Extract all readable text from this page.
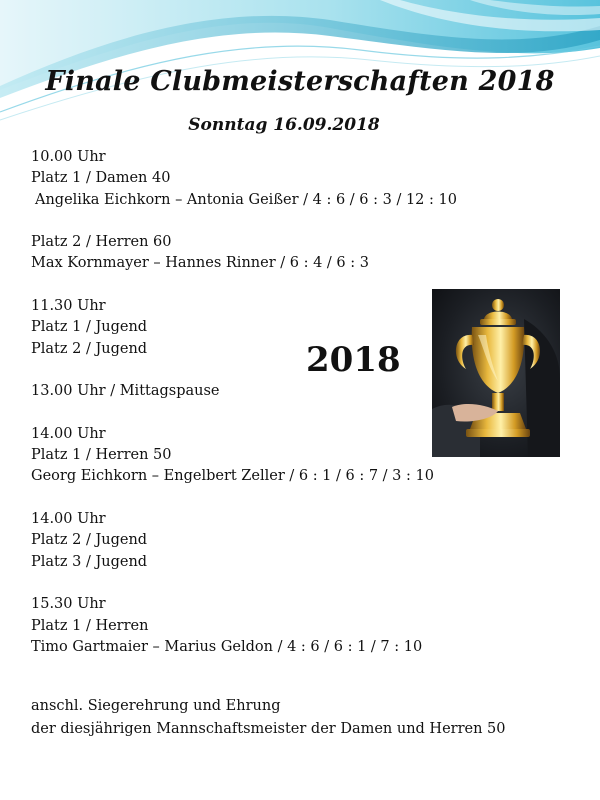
Finale Clubmeisterschaften 2018
Sonntag 16.09.2018
10.00 Uhr
Platz 1 / Damen 40
Angelika Eichkorn – Antonia Geißer / 4 : 6 / 6 : 3 / 12 : 10
Platz 2 / Herren 60
Max Kornmayer – Hannes Rinner / 6 : 4 / 6 : 3
11.30 Uhr
Platz 1 / Jugend
Platz 2 / Jugend
13.00 Uhr / Mittagspause
14.00 Uhr
Platz 1 / Herren 50
Georg Eichkorn – Engelbert Zeller / 6 : 1 / 6 : 7 / 3 : 10
14.00 Uhr
Platz 2 / Jugend
Platz 3 / Jugend
15.30 Uhr
Platz 1 / Herren
Timo Gartmaier – Marius Geldon / 4 : 6 / 6 : 1 / 7 : 10
2018
anschl. Siegerehrung und Ehrung
der diesjährigen Mannschaftsmeister der Damen und Herren 50
